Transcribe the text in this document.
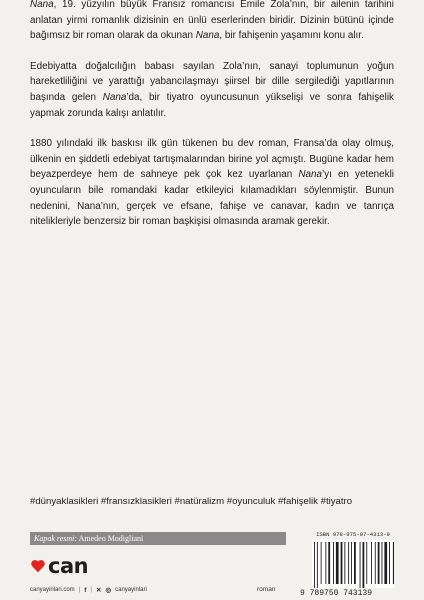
Nana, 19. yüzyılın büyük Fransız romancısı Émile Zola’nın, bir ailenin tarihini anlatan yirmi romanlık dizisinin en ünlü eserlerinden biridir. Dizinin bütünü içinde bağımsız bir roman olarak da okunan Nana, bir fahişenin yaşamını konu alır.

Edebiyatta doğalcılığın babası sayılan Zola’nın, sanayi toplumunun yoğun hareketliliğini ve yarattığı yabancılaşmayı şiirsel bir dille sergilediği yapıtlarının başında gelen Nana’da, bir tiyatro oyuncusunun yükselişi ve sonra fahişelik yapmak zorunda kalışı anlatılır.

1880 yılındaki ilk baskısı ilk gün tükenen bu dev roman, Fransa’da olay olmuş, ülkenin en şiddetli edebiyat tartışmalarından birine yol açmıştı. Bugüne kadar hem beyazperdeye hem de sahneye pek çok kez uyarlanan Nana’yı en yetenekli oyuncuların bile romandaki kadar etkileyici kılamadıkları söylenmiştir. Bunun nedenini, Nana’nın, gerçek ve efsane, fahişe ve canavar, kadın ve tanrıça nitelikleriyle benzersiz bir roman başkişisi olmasında aramak gerekir.

#dünyaklasikleri #fransızklasikleri #natüralizm #oyunculuk #fahişelik #tiyatro
Kapak resmi: Amedeo Modigliani
can
canyayinlari.com | f | ✕ ◎ canyayinlari	roman
ISBN 978-975-07-4313-9
9 789750 743139
